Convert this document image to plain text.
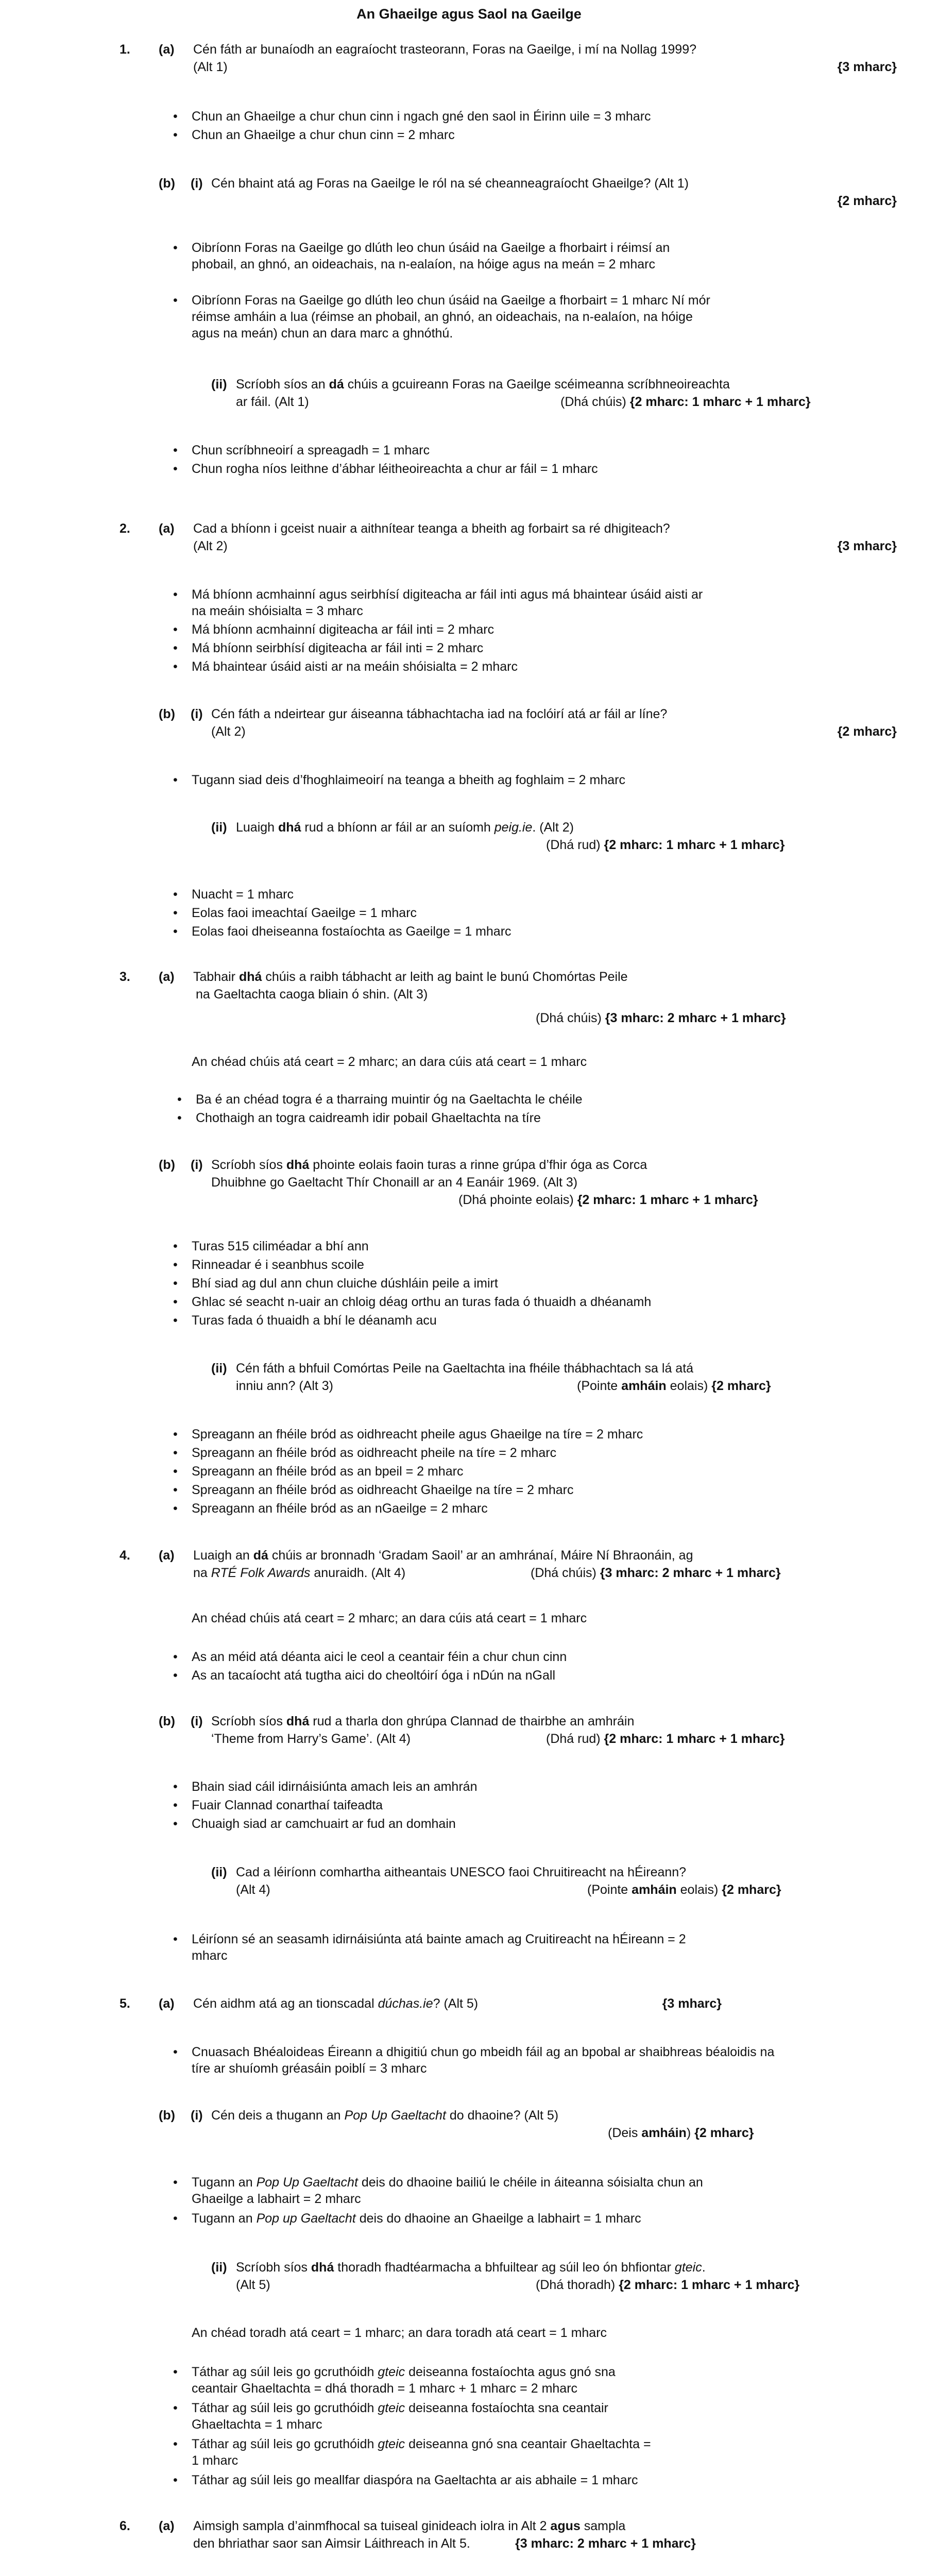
An Ghaeilge agus Saol na Gaeilge
1. (a) Cén fáth ar bunaíodh an eagraíocht trasteorann, Foras na Gaeilge, i mí na Nollag 1999?
(Alt 1)	{3 mharc}
• Chun an Ghaeilge a chur chun cinn i ngach gné den saol in Éirinn uile = 3 mharc
• Chun an Ghaeilge a chur chun cinn = 2 mharc
(b) (i) Cén bhaint atá ag Foras na Gaeilge le ról na sé cheanneagraíocht Ghaeilge? (Alt 1)
{2 mharc}
• Oibríonn Foras na Gaeilge go dlúth leo chun úsáid na Gaeilge a fhorbairt i réimsí an phobail, an ghnó, an oideachais, na n-ealaíon, na hóige agus na meán = 2 mharc
• Oibríonn Foras na Gaeilge go dlúth leo chun úsáid na Gaeilge a fhorbairt = 1 mharc Ní mór réimse amháin a lua (réimse an phobail, an ghnó, an oideachais, na n-ealaíon, na hóige agus na meán) chun an dara marc a ghnóthú.
(ii) Scríobh síos an dá chúis a gcuireann Foras na Gaeilge scéimeanna scríbhneoireachta
ar fáil. (Alt 1)	(Dhá chúis) {2 mharc: 1 mharc + 1 mharc}
• Chun scríbhneoirí a spreagadh = 1 mharc
• Chun rogha níos leithne d’ábhar léitheoireachta a chur ar fáil = 1 mharc
2. (a) Cad a bhíonn i gceist nuair a aithnítear teanga a bheith ag forbairt sa ré dhigiteach?
(Alt 2)	{3 mharc}
• Má bhíonn acmhainní agus seirbhísí digiteacha ar fáil inti agus má bhaintear úsáid aisti ar na meáin shóisialta = 3 mharc
• Má bhíonn acmhainní digiteacha ar fáil inti = 2 mharc
• Má bhíonn seirbhísí digiteacha ar fáil inti = 2 mharc
• Má bhaintear úsáid aisti ar na meáin shóisialta = 2 mharc
(b) (i) Cén fáth a ndeirtear gur áiseanna tábhachtacha iad na foclóirí atá ar fáil ar líne?
(Alt 2)	{2 mharc}
• Tugann siad deis d’fhoghlaimeoirí na teanga a bheith ag foghlaim = 2 mharc
(ii) Luaigh dhá rud a bhíonn ar fáil ar an suíomh peig.ie. (Alt 2)
(Dhá rud) {2 mharc: 1 mharc + 1 mharc}
• Nuacht = 1 mharc
• Eolas faoi imeachtaí Gaeilge = 1 mharc
• Eolas faoi dheiseanna fostaíochta as Gaeilge = 1 mharc
3. (a) Tabhair dhá chúis a raibh tábhacht ar leith ag baint le bunú Chomórtas Peile
na Gaeltachta caoga bliain ó shin. (Alt 3)
(Dhá chúis) {3 mharc: 2 mharc + 1 mharc}
An chéad chúis atá ceart = 2 mharc; an dara cúis atá ceart = 1 mharc
• Ba é an chéad togra é a tharraing muintir óg na Gaeltachta le chéile
• Chothaigh an togra caidreamh idir pobail Ghaeltachta na tíre
(b) (i) Scríobh síos dhá phointe eolais faoin turas a rinne grúpa d’fhir óga as Corca
Dhuibhne go Gaeltacht Thír Chonaill ar an 4 Eanáir 1969. (Alt 3)
(Dhá phointe eolais) {2 mharc: 1 mharc + 1 mharc}
• Turas 515 ciliméadar a bhí ann
• Rinneadar é i seanbhus scoile
• Bhí siad ag dul ann chun cluiche dúshláin peile a imirt
• Ghlac sé seacht n-uair an chloig déag orthu an turas fada ó thuaidh a dhéanamh
• Turas fada ó thuaidh a bhí le déanamh acu
(ii) Cén fáth a bhfuil Comórtas Peile na Gaeltachta ina fhéile thábhachtach sa lá atá
inniu ann? (Alt 3)	(Pointe amháin eolais) {2 mharc}
• Spreagann an fhéile bród as oidhreacht pheile agus Ghaeilge na tíre = 2 mharc
• Spreagann an fhéile bród as oidhreacht pheile na tíre = 2 mharc
• Spreagann an fhéile bród as an bpeil = 2 mharc
• Spreagann an fhéile bród as oidhreacht Ghaeilge na tíre = 2 mharc
• Spreagann an fhéile bród as an nGaeilge = 2 mharc
4. (a) Luaigh an dá chúis ar bronnadh ‘Gradam Saoil’ ar an amhránaí, Máire Ní Bhraonáin, ag
na RTÉ Folk Awards anuraidh. (Alt 4)	(Dhá chúis) {3 mharc: 2 mharc + 1 mharc}
An chéad chúis atá ceart = 2 mharc; an dara cúis atá ceart = 1 mharc
• As an méid atá déanta aici le ceol a ceantair féin a chur chun cinn
• As an tacaíocht atá tugtha aici do cheoltóirí óga i nDún na nGall
(b) (i) Scríobh síos dhá rud a tharla don ghrúpa Clannad de thairbhe an amhráin
‘Theme from Harry’s Game’. (Alt 4)	(Dhá rud) {2 mharc: 1 mharc + 1 mharc}
• Bhain siad cáil idirnáisiúnta amach leis an amhrán
• Fuair Clannad conarthaí taifeadta
• Chuaigh siad ar camchuairt ar fud an domhain
(ii) Cad a léiríonn comhartha aitheantais UNESCO faoi Chruitireacht na hÉireann?
(Alt 4)	(Pointe amháin eolais) {2 mharc}
• Léiríonn sé an seasamh idirnáisiúnta atá bainte amach ag Cruitireacht na hÉireann = 2 mharc
5. (a) Cén aidhm atá ag an tionscadal dúchas.ie? (Alt 5)	{3 mharc}
• Cnuasach Bhéaloideas Éireann a dhigitiú chun go mbeidh fáil ag an bpobal ar shaibhreas béaloidis na tíre ar shuíomh gréasáin poiblí = 3 mharc
(b) (i) Cén deis a thugann an Pop Up Gaeltacht do dhaoine? (Alt 5)
(Deis amháin) {2 mharc}
• Tugann an Pop Up Gaeltacht deis do dhaoine bailiú le chéile in áiteanna sóisialta chun an Ghaeilge a labhairt = 2 mharc
• Tugann an Pop up Gaeltacht deis do dhaoine an Ghaeilge a labhairt = 1 mharc
(ii) Scríobh síos dhá thoradh fhadtéarmacha a bhfuiltear ag súil leo ón bhfiontar gteic.
(Alt 5)	(Dhá thoradh) {2 mharc: 1 mharc + 1 mharc}
An chéad toradh atá ceart = 1 mharc; an dara toradh atá ceart = 1 mharc
• Táthar ag súil leis go gcruthóidh gteic deiseanna fostaíochta agus gnó sna ceantair Ghaeltachta = dhá thoradh = 1 mharc + 1 mharc = 2 mharc
• Táthar ag súil leis go gcruthóidh gteic deiseanna fostaíochta sna ceantair Ghaeltachta = 1 mharc
• Táthar ag súil leis go gcruthóidh gteic deiseanna gnó sna ceantair Ghaeltachta = 1 mharc
• Táthar ag súil leis go meallfar diaspóra na Gaeltachta ar ais abhaile = 1 mharc
6. (a) Aimsigh sampla d’ainmfhocal sa tuiseal ginideach iolra in Alt 2 agus sampla
den bhriathar saor san Aimsir Láithreach in Alt 5.	{3 mharc: 2 mharc + 1 mharc}
